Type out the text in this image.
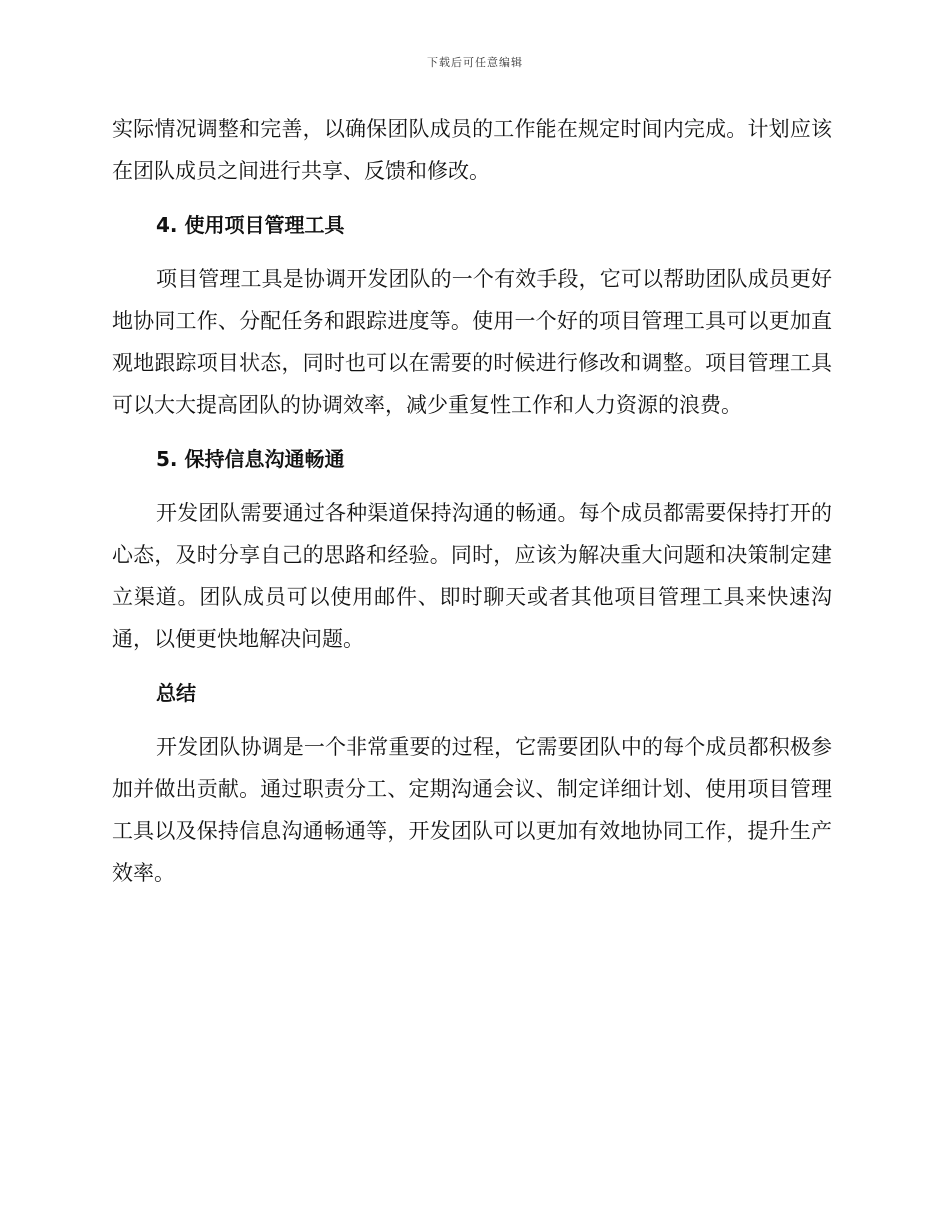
下载后可任意编辑

实际情况调整和完善，以确保团队成员的工作能在规定时间内完成。计划应该在团队成员之间进行共享、反馈和修改。

4. 使用项目管理工具

项目管理工具是协调开发团队的一个有效手段，它可以帮助团队成员更好地协同工作、分配任务和跟踪进度等。使用一个好的项目管理工具可以更加直观地跟踪项目状态，同时也可以在需要的时候进行修改和调整。项目管理工具可以大大提高团队的协调效率，减少重复性工作和人力资源的浪费。

5. 保持信息沟通畅通

开发团队需要通过各种渠道保持沟通的畅通。每个成员都需要保持打开的心态，及时分享自己的思路和经验。同时，应该为解决重大问题和决策制定建立渠道。团队成员可以使用邮件、即时聊天或者其他项目管理工具来快速沟通，以便更快地解决问题。

总结

开发团队协调是一个非常重要的过程，它需要团队中的每个成员都积极参加并做出贡献。通过职责分工、定期沟通会议、制定详细计划、使用项目管理工具以及保持信息沟通畅通等，开发团队可以更加有效地协同工作，提升生产效率。
